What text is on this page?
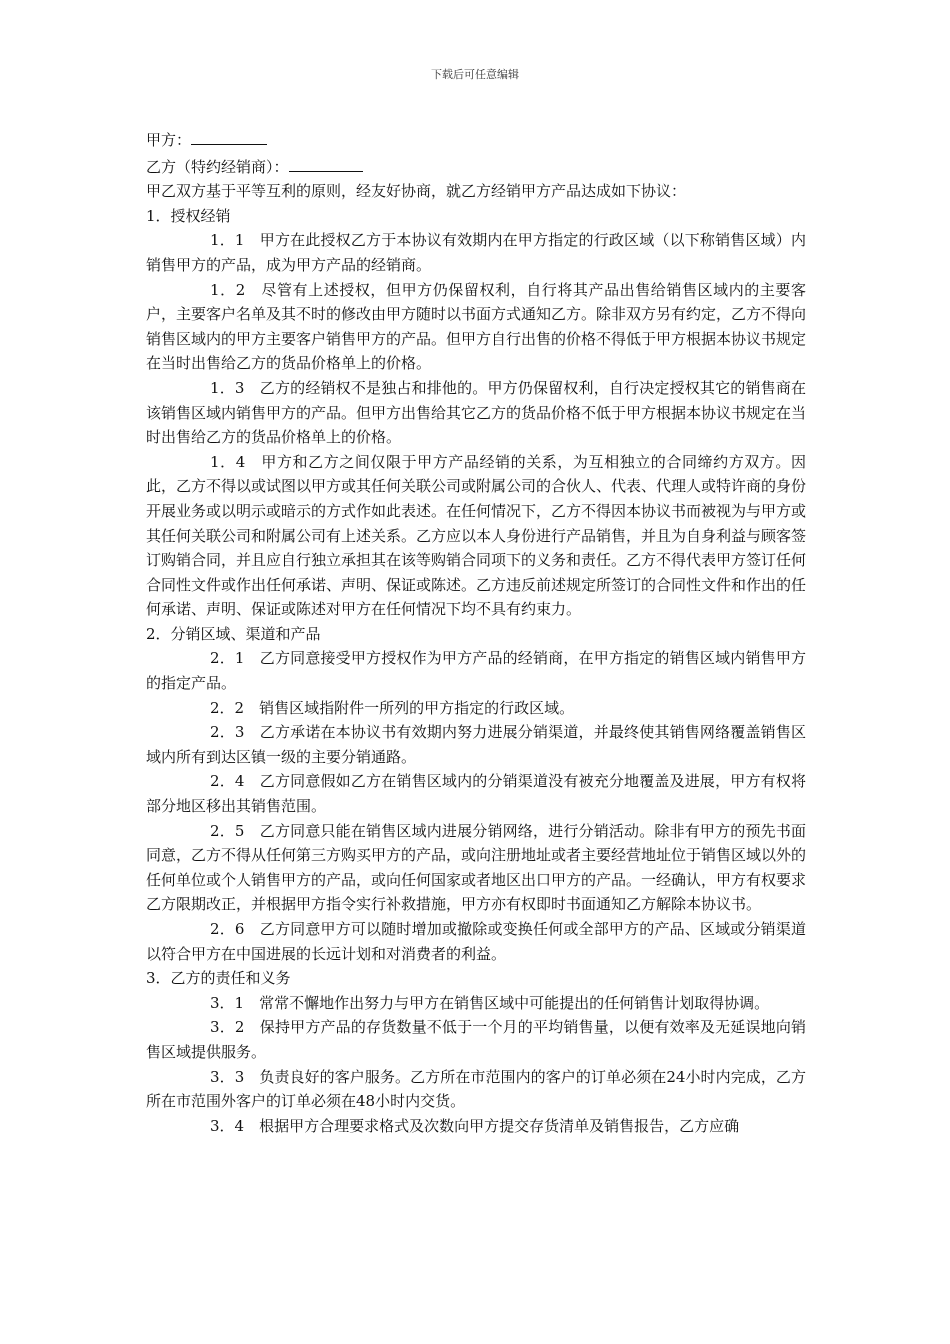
下载后可任意编辑

甲方：

乙方（特约经销商）：

甲乙双方基于平等互利的原则，经友好协商，就乙方经销甲方产品达成如下协议：

1．授权经销

1．1　甲方在此授权乙方于本协议有效期内在甲方指定的行政区域（以下称销售区域）内销售甲方的产品，成为甲方产品的经销商。

1．2　尽管有上述授权，但甲方仍保留权利，自行将其产品出售给销售区域内的主要客户，主要客户名单及其不时的修改由甲方随时以书面方式通知乙方。除非双方另有约定，乙方不得向销售区域内的甲方主要客户销售甲方的产品。但甲方自行出售的价格不得低于甲方根据本协议书规定在当时出售给乙方的货品价格单上的价格。

1．3　乙方的经销权不是独占和排他的。甲方仍保留权利，自行决定授权其它的销售商在该销售区域内销售甲方的产品。但甲方出售给其它乙方的货品价格不低于甲方根据本协议书规定在当时出售给乙方的货品价格单上的价格。

1．4　甲方和乙方之间仅限于甲方产品经销的关系，为互相独立的合同缔约方双方。因此，乙方不得以或试图以甲方或其任何关联公司或附属公司的合伙人、代表、代理人或特许商的身份开展业务或以明示或暗示的方式作如此表述。在任何情况下，乙方不得因本协议书而被视为与甲方或其任何关联公司和附属公司有上述关系。乙方应以本人身份进行产品销售，并且为自身利益与顾客签订购销合同，并且应自行独立承担其在该等购销合同项下的义务和责任。乙方不得代表甲方签订任何合同性文件或作出任何承诺、声明、保证或陈述。乙方违反前述规定所签订的合同性文件和作出的任何承诺、声明、保证或陈述对甲方在任何情况下均不具有约束力。

2．分销区域、渠道和产品

2．1　乙方同意接受甲方授权作为甲方产品的经销商，在甲方指定的销售区域内销售甲方的指定产品。

2．2　销售区域指附件一所列的甲方指定的行政区域。

2．3　乙方承诺在本协议书有效期内努力进展分销渠道，并最终使其销售网络覆盖销售区域内所有到达区镇一级的主要分销通路。

2．4　乙方同意假如乙方在销售区域内的分销渠道没有被充分地覆盖及进展，甲方有权将部分地区移出其销售范围。

2．5　乙方同意只能在销售区域内进展分销网络，进行分销活动。除非有甲方的预先书面同意，乙方不得从任何第三方购买甲方的产品，或向注册地址或者主要经营地址位于销售区域以外的任何单位或个人销售甲方的产品，或向任何国家或者地区出口甲方的产品。一经确认，甲方有权要求乙方限期改正，并根据甲方指令实行补救措施，甲方亦有权即时书面通知乙方解除本协议书。

2．6　乙方同意甲方可以随时增加或撤除或变换任何或全部甲方的产品、区域或分销渠道以符合甲方在中国进展的长远计划和对消费者的利益。

3．乙方的责任和义务

3．1　常常不懈地作出努力与甲方在销售区域中可能提出的任何销售计划取得协调。

3．2　保持甲方产品的存货数量不低于一个月的平均销售量，以便有效率及无延误地向销售区域提供服务。

3．3　负责良好的客户服务。乙方所在市范围内的客户的订单必须在24小时内完成，乙方所在市范围外客户的订单必须在48小时内交货。

3．4　根据甲方合理要求格式及次数向甲方提交存货清单及销售报告，乙方应确
